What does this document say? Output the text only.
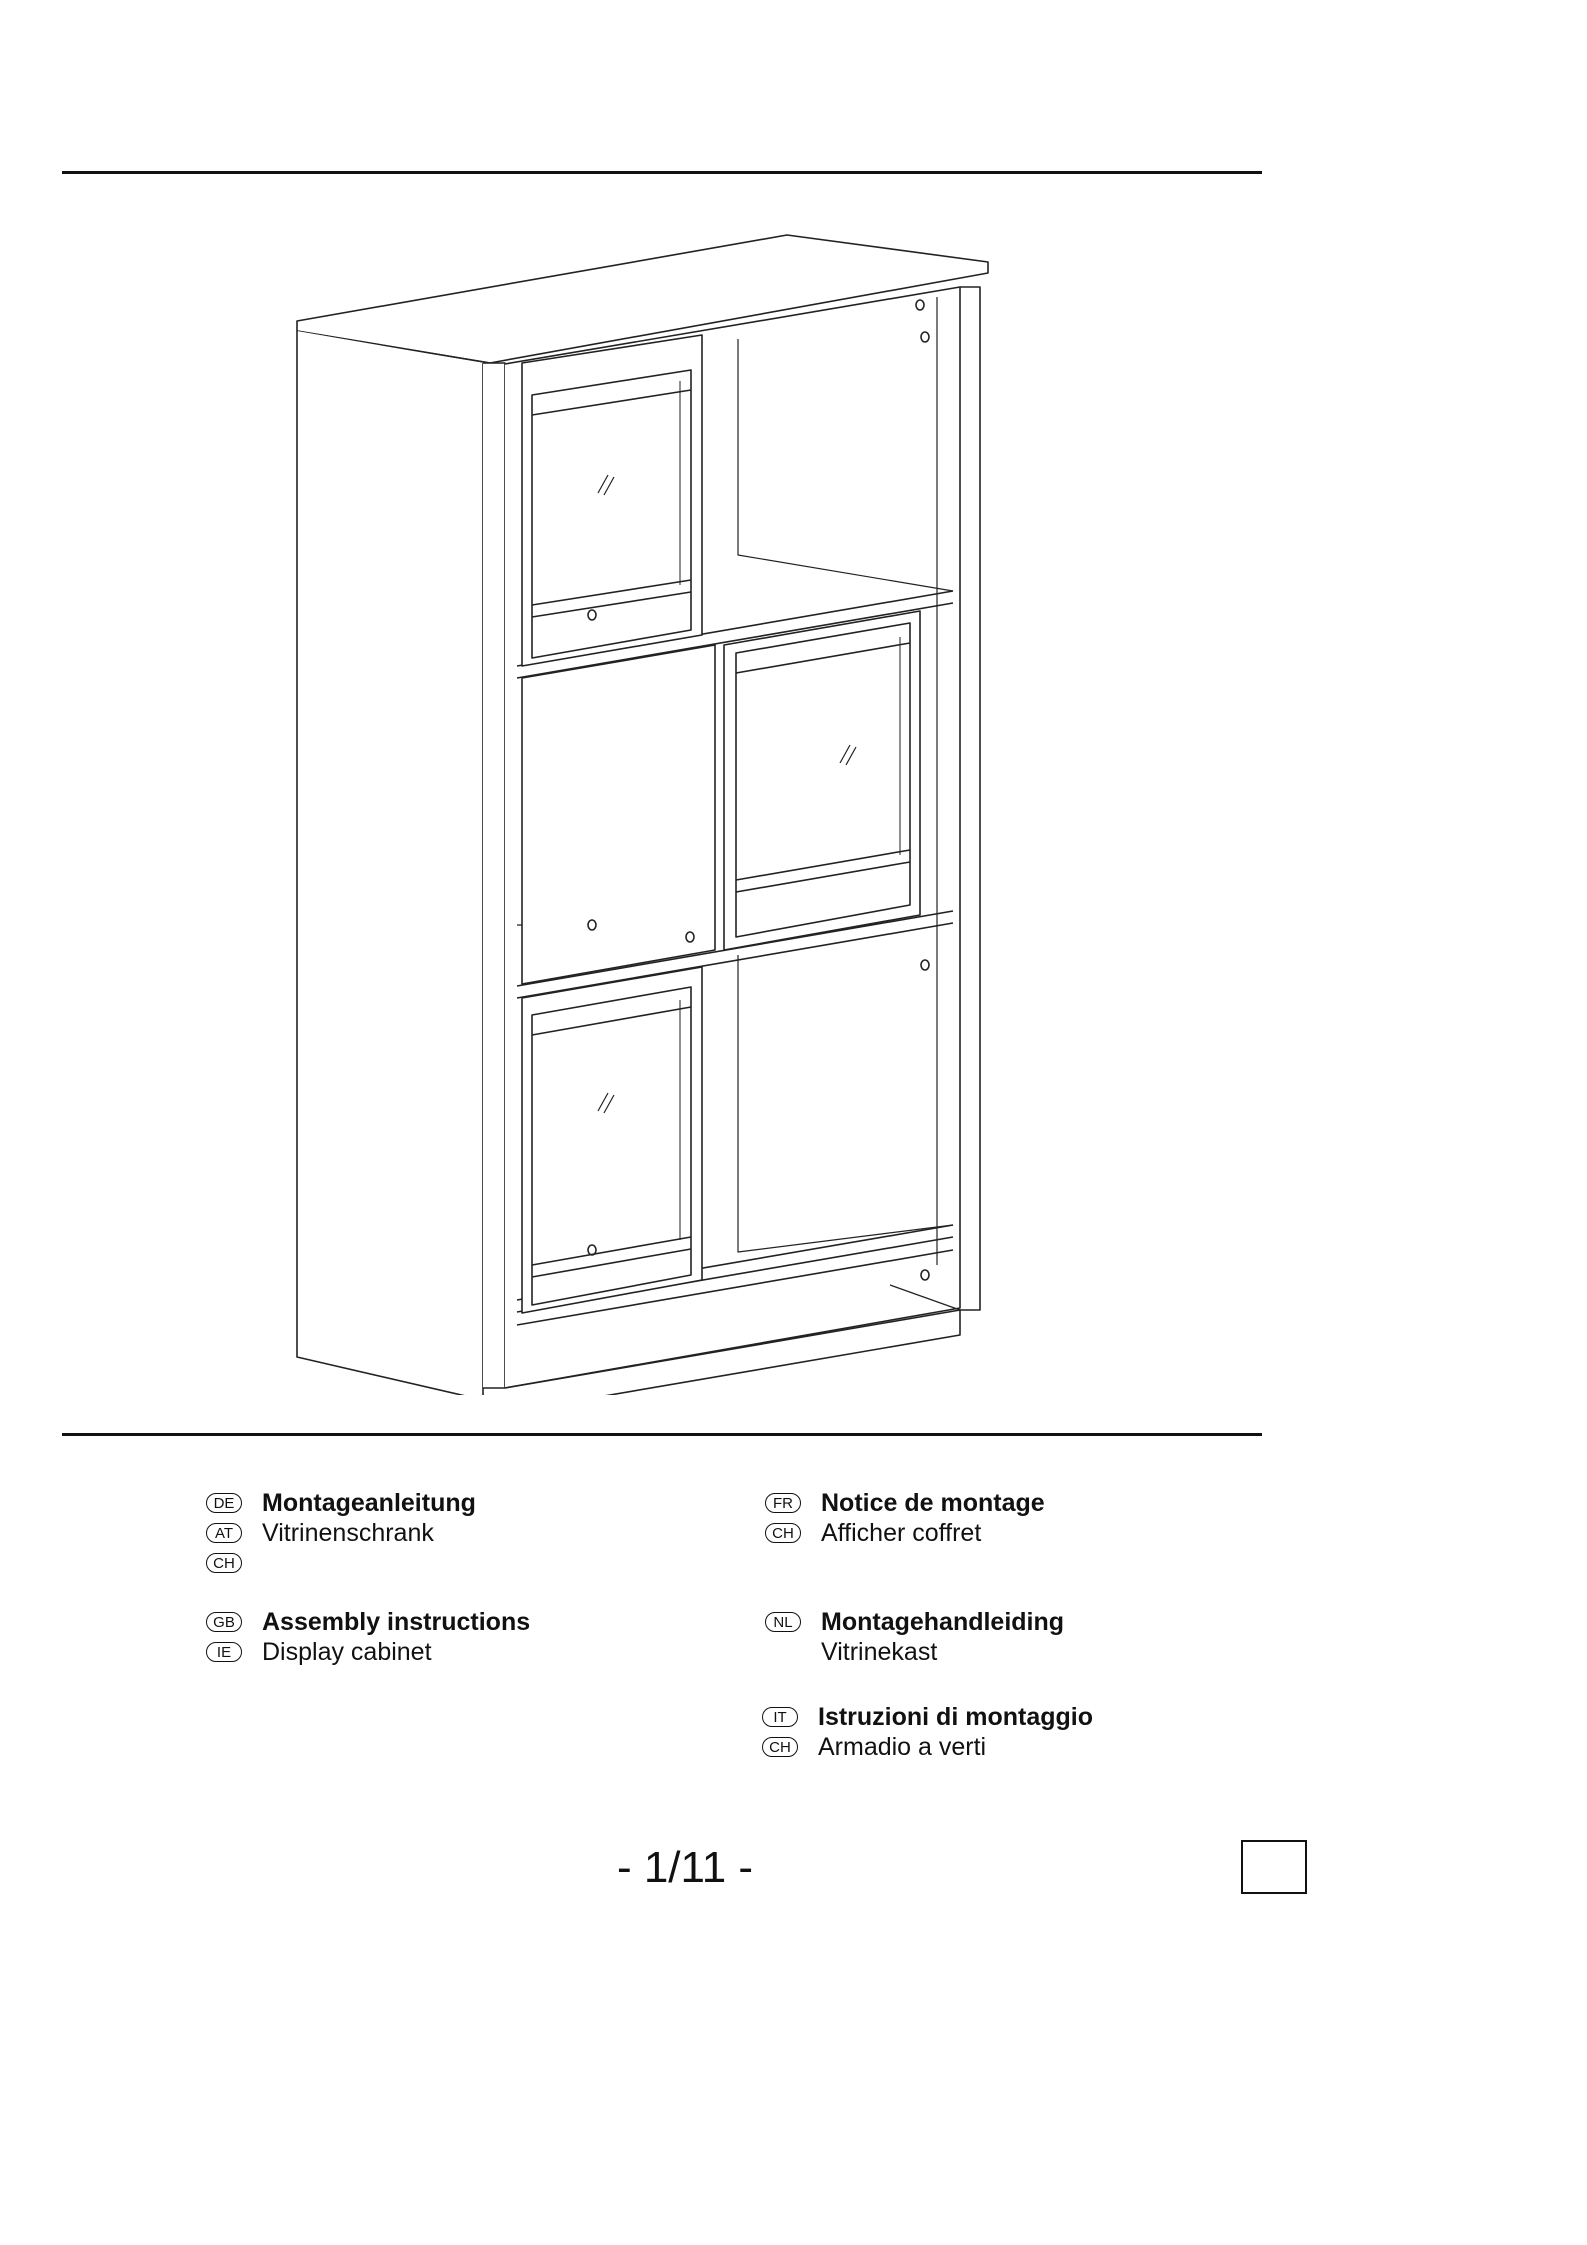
DE	Montageanleitung
AT	Vitrinenschrank
CH
FR	Notice de montage
CH Afficher coffret
GB Assembly instructions
IE	Display cabinet
NL	Montagehandleiding
Vitrinekast
IT	Istruzioni di montaggio
CH Armadio a verti
- 1/11 -
